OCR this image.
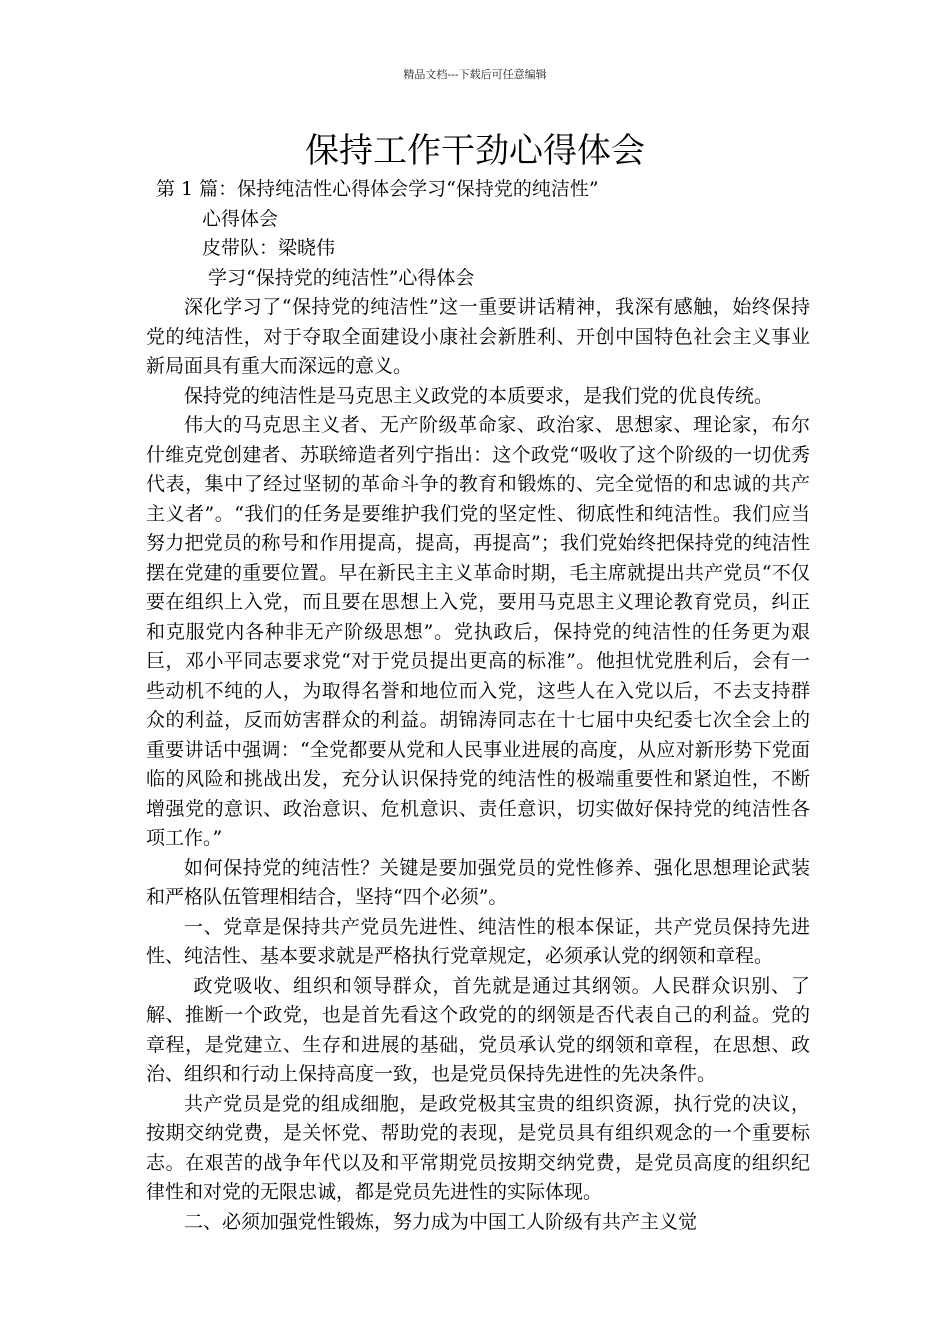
精品文档---下载后可任意编辑
保持工作干劲心得体会
第 1 篇：保持纯洁性心得体会学习“保持党的纯洁性”
心得体会
皮带队：梁晓伟
学习“保持党的纯洁性”心得体会

深化学习了“保持党的纯洁性”这一重要讲话精神，我深有感触，始终保持党的纯洁性，对于夺取全面建设小康社会新胜利、开创中国特色社会主义事业新局面具有重大而深远的意义。

保持党的纯洁性是马克思主义政党的本质要求，是我们党的优良传统。

伟大的马克思主义者、无产阶级革命家、政治家、思想家、理论家，布尔什维克党创建者、苏联缔造者列宁指出：这个政党“吸收了这个阶级的一切优秀代表，集中了经过坚韧的革命斗争的教育和锻炼的、完全觉悟的和忠诚的共产主义者”。“我们的任务是要维护我们党的坚定性、彻底性和纯洁性。我们应当努力把党员的称号和作用提高，提高，再提高”；我们党始终把保持党的纯洁性摆在党建的重要位置。早在新民主主义革命时期，毛主席就提出共产党员“不仅要在组织上入党，而且要在思想上入党，要用马克思主义理论教育党员，纠正和克服党内各种非无产阶级思想”。党执政后，保持党的纯洁性的任务更为艰巨，邓小平同志要求党“对于党员提出更高的标准”。他担忧党胜利后，会有一些动机不纯的人，为取得名誉和地位而入党，这些人在入党以后，不去支持群众的利益，反而妨害群众的利益。胡锦涛同志在十七届中央纪委七次全会上的重要讲话中强调：“全党都要从党和人民事业进展的高度，从应对新形势下党面临的风险和挑战出发，充分认识保持党的纯洁性的极端重要性和紧迫性，不断增强党的意识、政治意识、危机意识、责任意识，切实做好保持党的纯洁性各项工作。”

如何保持党的纯洁性？关键是要加强党员的党性修养、强化思想理论武装和严格队伍管理相结合，坚持“四个必须”。

一、党章是保持共产党员先进性、纯洁性的根本保证，共产党员保持先进性、纯洁性、基本要求就是严格执行党章规定，必须承认党的纲领和章程。

政党吸收、组织和领导群众，首先就是通过其纲领。人民群众识别、了解、推断一个政党，也是首先看这个政党的的纲领是否代表自己的利益。党的章程，是党建立、生存和进展的基础，党员承认党的纲领和章程，在思想、政治、组织和行动上保持高度一致，也是党员保持先进性的先决条件。

共产党员是党的组成细胞，是政党极其宝贵的组织资源，执行党的决议，按期交纳党费，是关怀党、帮助党的表现，是党员具有组织观念的一个重要标志。在艰苦的战争年代以及和平常期党员按期交纳党费，是党员高度的组织纪律性和对党的无限忠诚，都是党员先进性的实际体现。

二、必须加强党性锻炼，努力成为中国工人阶级有共产主义觉
